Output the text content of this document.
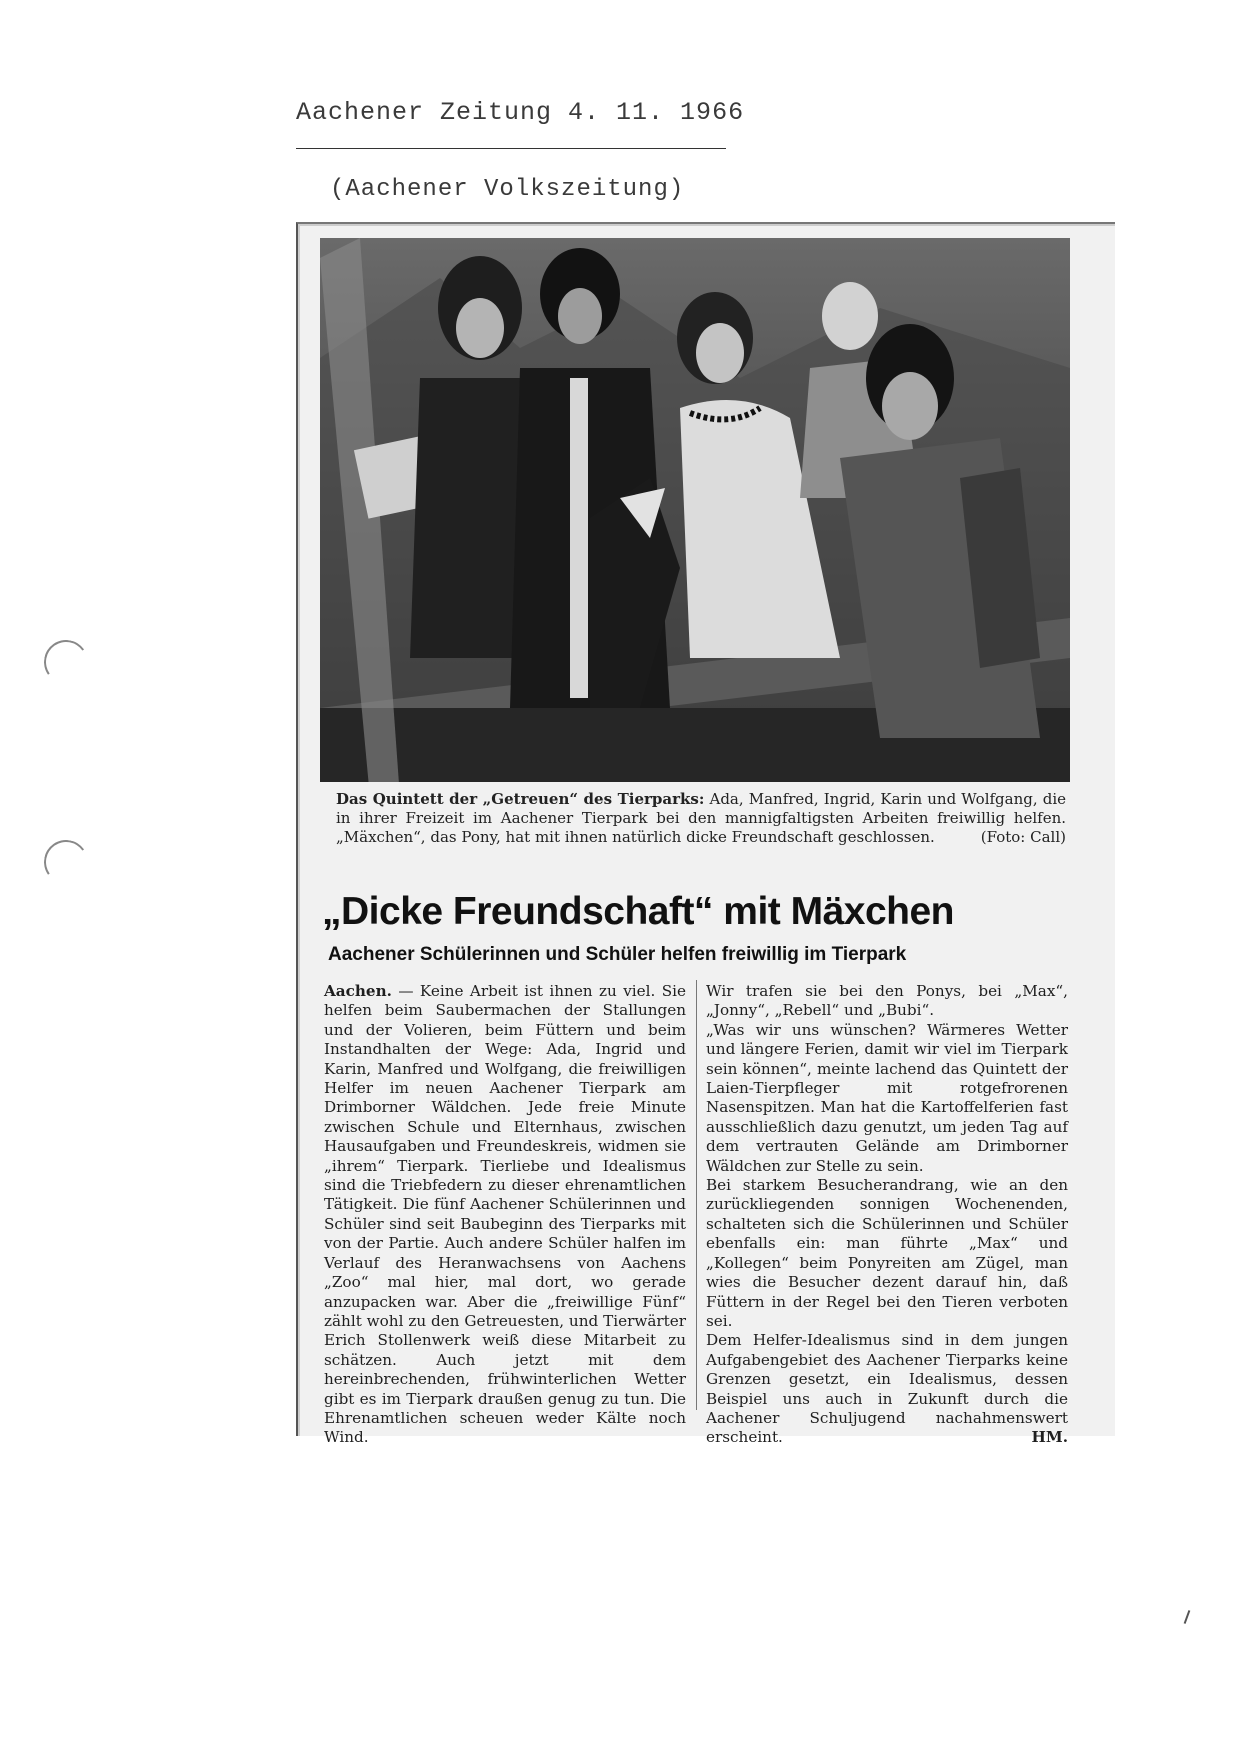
Aachener Zeitung 4. 11. 1966
(Aachener Volkszeitung)
Das Quintett der „Getreuen“ des Tierparks: Ada, Manfred, Ingrid, Karin und Wolfgang, die in ihrer Freizeit im Aachener Tierpark bei den mannigfaltigsten Arbeiten freiwillig helfen. „Mäxchen“, das Pony, hat mit ihnen natürlich dicke Freundschaft geschlossen.	(Foto: Call)
„Dicke Freundschaft“ mit Mäxchen
Aachener Schülerinnen und Schüler helfen freiwillig im Tierpark

Aachen. — Keine Arbeit ist ihnen zu viel. Sie helfen beim Saubermachen der Stallungen und der Volieren, beim Füttern und beim Instandhalten der Wege: Ada, Ingrid und Karin, Manfred und Wolfgang, die freiwilligen Helfer im neuen Aachener Tierpark am Drimborner Wäldchen. Jede freie Minute zwischen Schule und Elternhaus, zwischen Hausaufgaben und Freundeskreis, widmen sie „ihrem“ Tierpark. Tierliebe und Idealismus sind die Triebfedern zu dieser ehrenamtlichen Tätigkeit. Die fünf Aachener Schülerinnen und Schüler sind seit Baubeginn des Tierparks mit von der Partie. Auch andere Schüler halfen im Verlauf des Heranwachsens von Aachens „Zoo“ mal hier, mal dort, wo gerade anzupacken war. Aber die „freiwillige Fünf“ zählt wohl zu den Getreuesten, und Tierwärter Erich Stollenwerk weiß diese Mitarbeit zu schätzen. Auch jetzt mit dem hereinbrechenden, frühwinterlichen Wetter gibt es im Tierpark draußen genug zu tun. Die Ehrenamtlichen scheuen weder Kälte noch Wind.

Wir trafen sie bei den Ponys, bei „Max“, „Jonny“, „Rebell“ und „Bubi“.

„Was wir uns wünschen? Wärmeres Wetter und längere Ferien, damit wir viel im Tierpark sein können“, meinte lachend das Quintett der Laien-Tierpfleger mit rotgefrorenen Nasenspitzen. Man hat die Kartoffelferien fast ausschließlich dazu genutzt, um jeden Tag auf dem vertrauten Gelände am Drimborner Wäldchen zur Stelle zu sein.

Bei starkem Besucherandrang, wie an den zurückliegenden sonnigen Wochenenden, schalteten sich die Schülerinnen und Schüler ebenfalls ein: man führte „Max“ und „Kollegen“ beim Ponyreiten am Zügel, man wies die Besucher dezent darauf hin, daß Füttern in der Regel bei den Tieren verboten sei.

Dem Helfer-Idealismus sind in dem jungen Aufgabengebiet des Aachener Tierparks keine Grenzen gesetzt, ein Idealismus, dessen Beispiel uns auch in Zukunft durch die Aachener Schuljugend nachahmenswert erscheint.	HM.
